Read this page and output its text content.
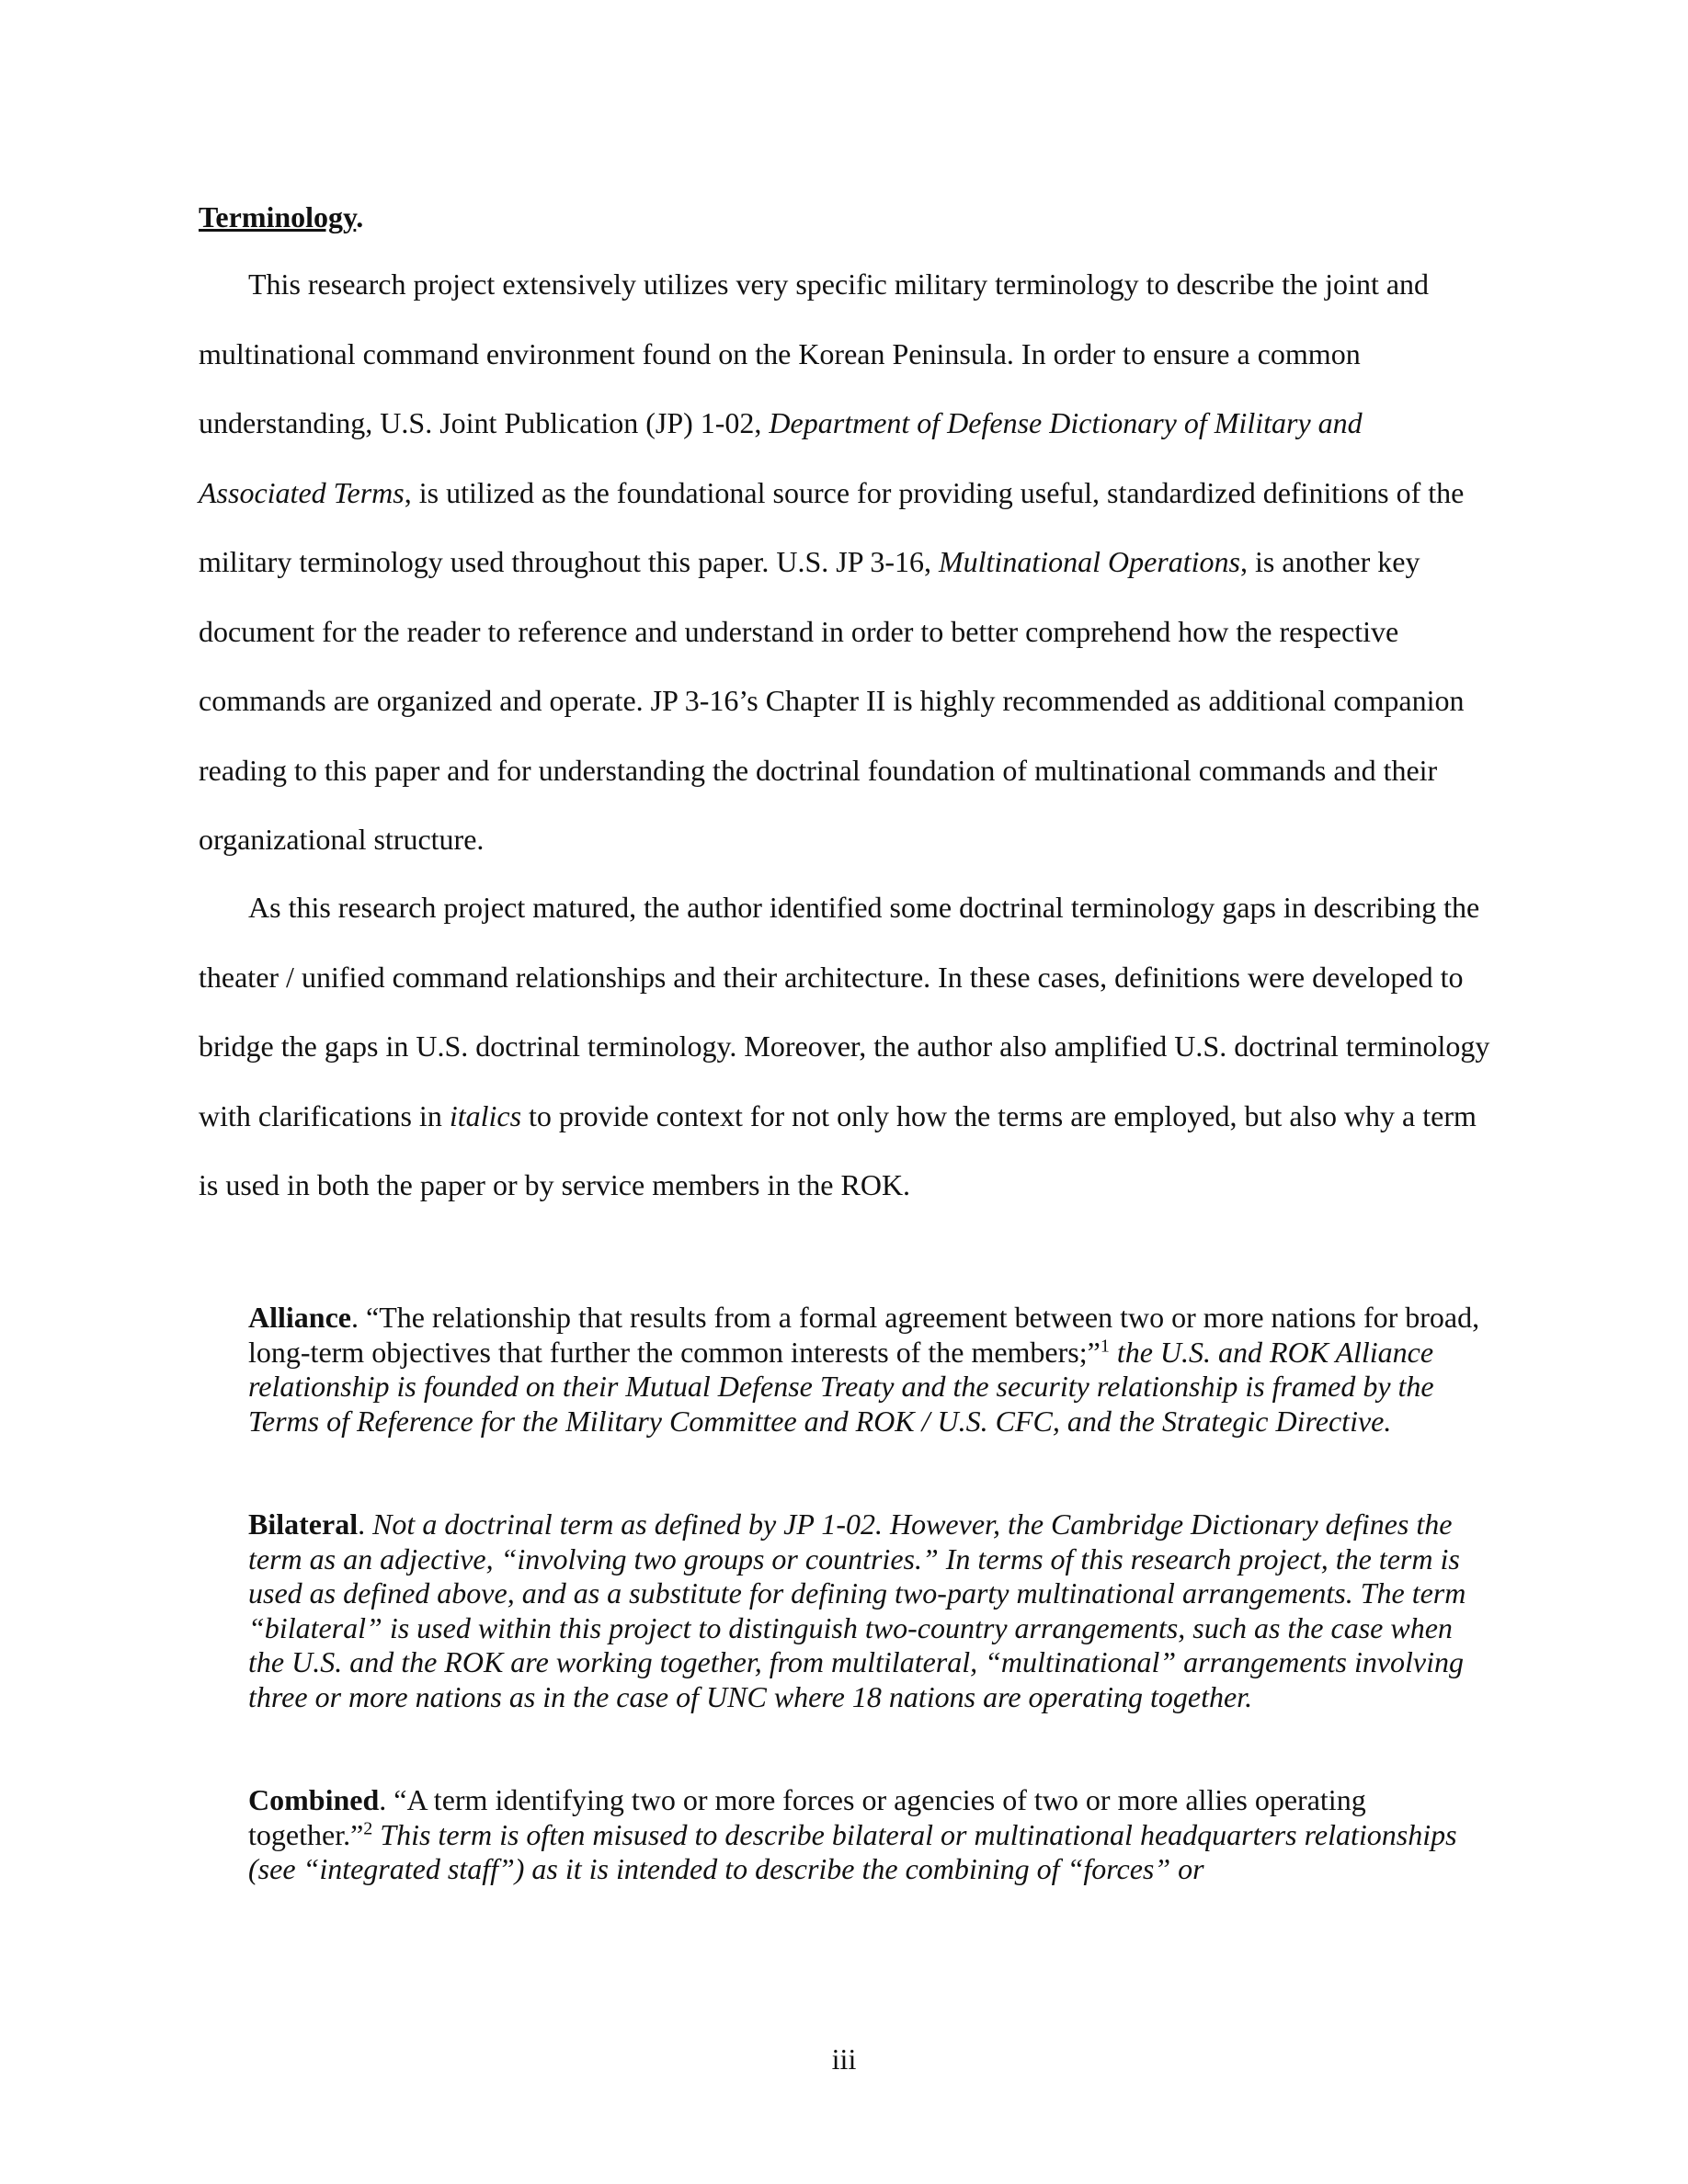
Terminology.

This research project extensively utilizes very specific military terminology to describe the joint and multinational command environment found on the Korean Peninsula. In order to ensure a common understanding, U.S. Joint Publication (JP) 1-02, Department of Defense Dictionary of Military and Associated Terms, is utilized as the foundational source for providing useful, standardized definitions of the military terminology used throughout this paper. U.S. JP 3-16, Multinational Operations, is another key document for the reader to reference and understand in order to better comprehend how the respective commands are organized and operate. JP 3-16’s Chapter II is highly recommended as additional companion reading to this paper and for understanding the doctrinal foundation of multinational commands and their organizational structure.

As this research project matured, the author identified some doctrinal terminology gaps in describing the theater / unified command relationships and their architecture. In these cases, definitions were developed to bridge the gaps in U.S. doctrinal terminology. Moreover, the author also amplified U.S. doctrinal terminology with clarifications in italics to provide context for not only how the terms are employed, but also why a term is used in both the paper or by service members in the ROK.

Alliance. “The relationship that results from a formal agreement between two or more nations for broad, long-term objectives that further the common interests of the members;”$^1$ the U.S. and ROK Alliance relationship is founded on their Mutual Defense Treaty and the security relationship is framed by the Terms of Reference for the Military Committee and ROK / U.S. CFC, and the Strategic Directive.

Bilateral. Not a doctrinal term as defined by JP 1-02. However, the Cambridge Dictionary defines the term as an adjective, “involving two groups or countries.” In terms of this research project, the term is used as defined above, and as a substitute for defining two-party multinational arrangements. The term “bilateral” is used within this project to distinguish two-country arrangements, such as the case when the U.S. and the ROK are working together, from multilateral, “multinational” arrangements involving three or more nations as in the case of UNC where 18 nations are operating together.

Combined. “A term identifying two or more forces or agencies of two or more allies operating together.”$^2$ This term is often misused to describe bilateral or multinational headquarters relationships (see “integrated staff”) as it is intended to describe the combining of “forces” or

iii
